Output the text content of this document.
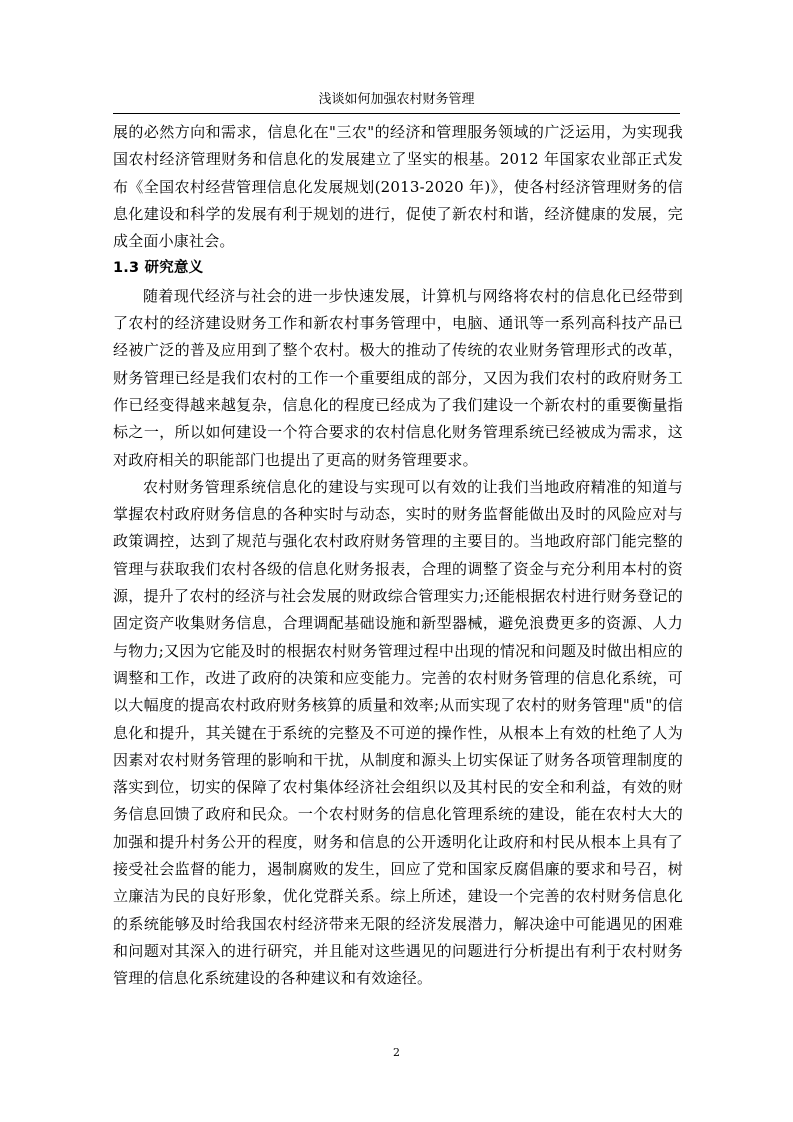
浅谈如何加强农村财务管理

展的必然方向和需求，信息化在"三农"的经济和管理服务领域的广泛运用，为实现我国农村经济管理财务和信息化的发展建立了坚实的根基。2012 年国家农业部正式发布《全国农村经营管理信息化发展规划(2013-2020 年)》，使各村经济管理财务的信息化建设和科学的发展有利于规划的进行，促使了新农村和谐，经济健康的发展，完成全面小康社会。

1.3 研究意义

随着现代经济与社会的进一步快速发展，计算机与网络将农村的信息化已经带到了农村的经济建设财务工作和新农村事务管理中，电脑、通讯等一系列高科技产品已经被广泛的普及应用到了整个农村。极大的推动了传统的农业财务管理形式的改革，财务管理已经是我们农村的工作一个重要组成的部分，又因为我们农村的政府财务工作已经变得越来越复杂，信息化的程度已经成为了我们建设一个新农村的重要衡量指标之一，所以如何建设一个符合要求的农村信息化财务管理系统已经被成为需求，这对政府相关的职能部门也提出了更高的财务管理要求。

农村财务管理系统信息化的建设与实现可以有效的让我们当地政府精准的知道与掌握农村政府财务信息的各种实时与动态，实时的财务监督能做出及时的风险应对与政策调控，达到了规范与强化农村政府财务管理的主要目的。当地政府部门能完整的管理与获取我们农村各级的信息化财务报表，合理的调整了资金与充分利用本村的资源，提升了农村的经济与社会发展的财政综合管理实力;还能根据农村进行财务登记的固定资产收集财务信息，合理调配基础设施和新型器械，避免浪费更多的资源、人力与物力;又因为它能及时的根据农村财务管理过程中出现的情况和问题及时做出相应的调整和工作，改进了政府的决策和应变能力。完善的农村财务管理的信息化系统，可以大幅度的提高农村政府财务核算的质量和效率;从而实现了农村的财务管理"质"的信息化和提升，其关键在于系统的完整及不可逆的操作性，从根本上有效的杜绝了人为因素对农村财务管理的影响和干扰，从制度和源头上切实保证了财务各项管理制度的落实到位，切实的保障了农村集体经济社会组织以及其村民的安全和利益，有效的财务信息回馈了政府和民众。一个农村财务的信息化管理系统的建设，能在农村大大的加强和提升村务公开的程度，财务和信息的公开透明化让政府和村民从根本上具有了接受社会监督的能力，遏制腐败的发生，回应了党和国家反腐倡廉的要求和号召，树立廉洁为民的良好形象，优化党群关系。综上所述，建设一个完善的农村财务信息化的系统能够及时给我国农村经济带来无限的经济发展潜力，解决途中可能遇见的困难和问题对其深入的进行研究，并且能对这些遇见的问题进行分析提出有利于农村财务管理的信息化系统建设的各种建议和有效途径。

2
